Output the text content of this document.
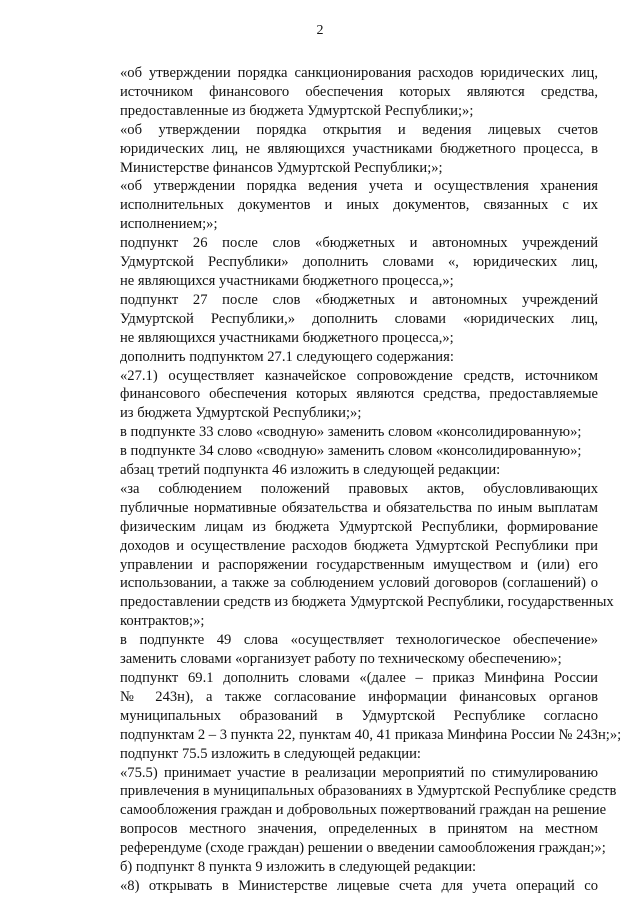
2

«об утверждении порядка санкционирования расходов юридических лиц,
источником финансового обеспечения которых являются средства,
предоставленные из бюджета Удмуртской Республики;»;

«об утверждении порядка открытия и ведения лицевых счетов
юридических лиц, не являющихся участниками бюджетного процесса, в
Министерстве финансов Удмуртской Республики;»;

«об утверждении порядка ведения учета и осуществления хранения
исполнительных документов и иных документов, связанных с их
исполнением;»;

подпункт 26 после слов «бюджетных и автономных учреждений
Удмуртской Республики» дополнить словами «, юридических лиц,
не являющихся участниками бюджетного процесса,»;

подпункт 27 после слов «бюджетных и автономных учреждений
Удмуртской Республики,» дополнить словами «юридических лиц,
не являющихся участниками бюджетного процесса,»;

дополнить подпунктом 27.1 следующего содержания:

«27.1) осуществляет казначейское сопровождение средств, источником
финансового обеспечения которых являются средства, предоставляемые
из бюджета Удмуртской Республики;»;

в подпункте 33 слово «сводную» заменить словом «консолидированную»;

в подпункте 34 слово «сводную» заменить словом «консолидированную»;

абзац третий подпункта 46 изложить в следующей редакции:

«за соблюдением положений правовых актов, обусловливающих
публичные нормативные обязательства и обязательства по иным выплатам
физическим лицам из бюджета Удмуртской Республики, формирование
доходов и осуществление расходов бюджета Удмуртской Республики при
управлении и распоряжении государственным имуществом и (или) его
использовании, а также за соблюдением условий договоров (соглашений) о
предоставлении средств из бюджета Удмуртской Республики, государственных
контрактов;»;

в подпункте 49 слова «осуществляет технологическое обеспечение»
заменить словами «организует работу по техническому обеспечению»;

подпункт 69.1 дополнить словами «(далее – приказ Минфина России
№ 243н), а также согласование информации финансовых органов
муниципальных образований в Удмуртской Республике согласно
подпунктам 2 – 3 пункта 22, пунктам 40, 41 приказа Минфина России № 243н;»;

подпункт 75.5 изложить в следующей редакции:

«75.5) принимает участие в реализации мероприятий по стимулированию
привлечения в муниципальных образованиях в Удмуртской Республике средств
самообложения граждан и добровольных пожертвований граждан на решение
вопросов местного значения, определенных в принятом на местном
референдуме (сходе граждан) решении о введении самообложения граждан;»;

б) подпункт 8 пункта 9 изложить в следующей редакции:

«8) открывать в Министерстве лицевые счета для учета операций со
